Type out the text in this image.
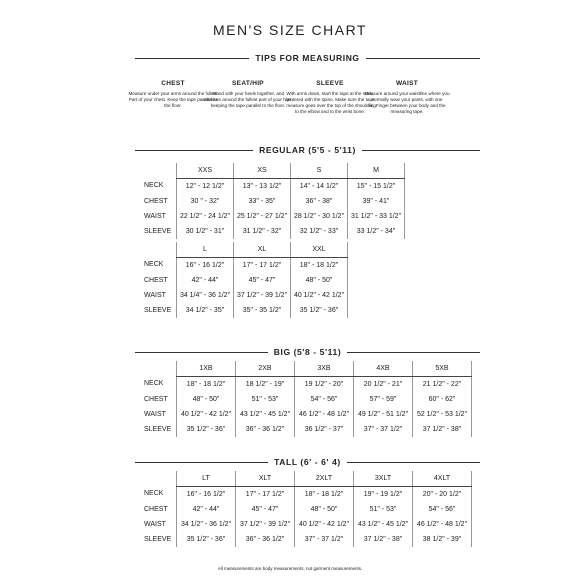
MEN'S SIZE CHART
TIPS FOR MEASURING
CHEST

Measure under your arms around the fullest Part of your chest. Keep the tape parallel to the floor.

SEAT/HIP

Stand with your heels together, and measure around the fullest part of your hips, keeping the tape parallel to the floor.

SLEEVE

With arms down, start the tape at the neck, centered with the spine. Make sure the tape measure goes over the top of the shoulder, to the elbow and to the wrist bone.

WAIST

Measure around your waistline where you normally wear your pants, with one fingFinger between your body and the measuring tape.

REGULAR (5'5 - 5'11)
	XXS	XS	S	M
NECK	12" - 12 1/2"	13" - 13 1/2"	14" - 14 1/2"	15" - 15 1/2"
CHEST	30 " - 32"	33" - 35"	36" - 38"	39" - 41"
WAIST	22 1/2" - 24 1/2"	25 1/2" - 27 1/2"	28 1/2" - 30 1/2"	31 1/2" - 33 1/2"
SLEEVE	30 1/2" - 31"	31 1/2" - 32"	32 1/2" - 33"	33 1/2" - 34"
	L	XL	XXL
NECK	16" - 16 1/2"	17" - 17 1/2"	18" - 18 1/2"
CHEST	42" - 44"	45" - 47"	48" - 50"
WAIST	34 1/4" - 36 1/2"	37 1/2" - 39 1/2"	40 1/2" - 42 1/2"
SLEEVE	34 1/2" - 35"	35" - 35 1/2"	35 1/2" - 36"
BIG (5'8 - 5'11)
	1XB	2XB	3XB	4XB	5XB
NECK	18" - 18 1/2"	18 1/2" - 19"	19 1/2" - 20"	20 1/2" - 21"	21 1/2" - 22"
CHEST	48" - 50"	51" - 53"	54" - 56"	57" - 59"	60" - 62"
WAIST	40 1/2" - 42 1/2"	43 1/2" - 45 1/2"	46 1/2" - 48 1/2"	49 1/2" - 51 1/2"	52 1/2" - 53 1/2"
SLEEVE	35 1/2" - 36"	36" - 36 1/2"	36 1/2" - 37"	37" - 37 1/2"	37 1/2" - 38"
TALL (6' - 6' 4)
	LT	XLT	2XLT	3XLT	4XLT
NECK	16" - 16 1/2"	17" - 17 1/2"	18" - 18 1/2"	19" - 19 1/2"	20" - 20 1/2"
CHEST	42" - 44"	45" - 47"	48" - 50"	51" - 53"	54" - 56"
WAIST	34 1/2" - 36 1/2"	37 1/2" - 39 1/2"	40 1/2" - 42 1/2"	43 1/2" - 45 1/2"	46 1/2" - 48 1/2"
SLEEVE	35 1/2" - 36"	36" - 36 1/2"	37" - 37 1/2"	37 1/2" - 38"	38 1/2" - 39"
All measurements are body measurements, not garment measurements.
